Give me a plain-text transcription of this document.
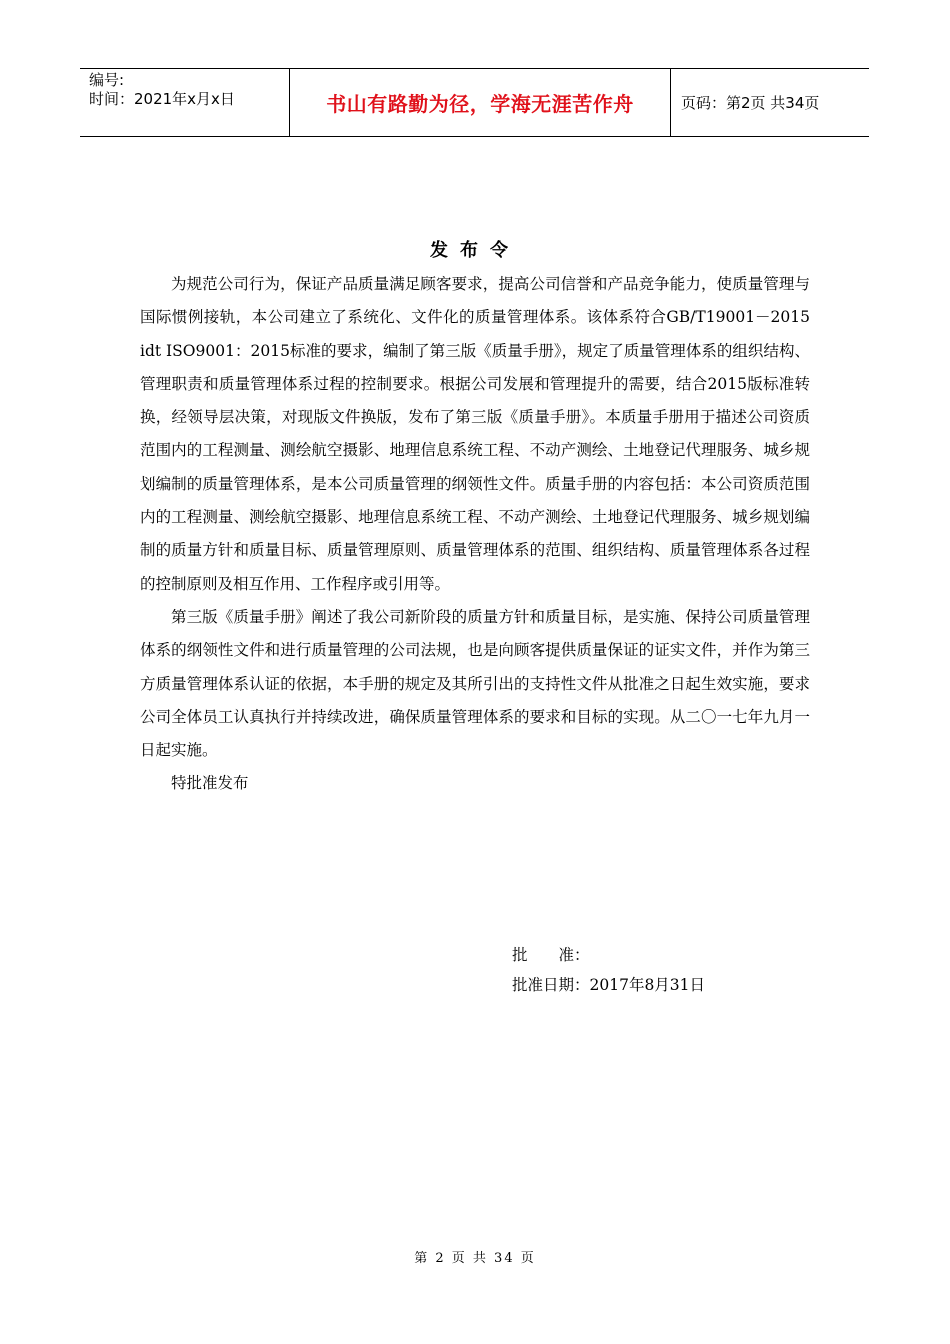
编号:
时间：2021年x月x日	书山有路勤为径，学海无涯苦作舟	页码：第2页 共34页
发布令

为规范公司行为，保证产品质量满足顾客要求，提高公司信誉和产品竞争能力，使质量管理与国际惯例接轨，本公司建立了系统化、文件化的质量管理体系。该体系符合GB/T19001－2015 idt ISO9001：2015标准的要求，编制了第三版《质量手册》，规定了质量管理体系的组织结构、管理职责和质量管理体系过程的控制要求。根据公司发展和管理提升的需要，结合2015版标准转换，经领导层决策，对现版文件换版，发布了第三版《质量手册》。本质量手册用于描述公司资质范围内的工程测量、测绘航空摄影、地理信息系统工程、不动产测绘、土地登记代理服务、城乡规划编制的质量管理体系，是本公司质量管理的纲领性文件。质量手册的内容包括：本公司资质范围内的工程测量、测绘航空摄影、地理信息系统工程、不动产测绘、土地登记代理服务、城乡规划编制的质量方针和质量目标、质量管理原则、质量管理体系的范围、组织结构、质量管理体系各过程的控制原则及相互作用、工作程序或引用等。

第三版《质量手册》阐述了我公司新阶段的质量方针和质量目标，是实施、保持公司质量管理体系的纲领性文件和进行质量管理的公司法规，也是向顾客提供质量保证的证实文件，并作为第三方质量管理体系认证的依据，本手册的规定及其所引出的支持性文件从批准之日起生效实施，要求公司全体员工认真执行并持续改进，确保质量管理体系的要求和目标的实现。从二〇一七年九月一日起实施。

特批准发布

批　　准：
批准日期：2017年8月31日
第 2 页 共 34 页
